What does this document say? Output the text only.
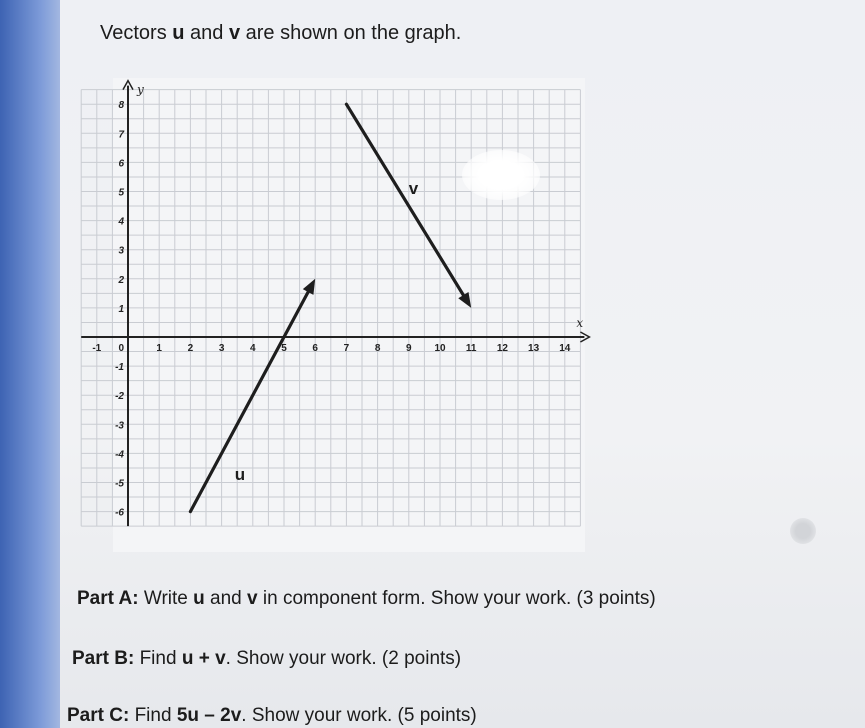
Vectors u and v are shown on the graph.

x
y
-1	1	2	3	4	5	6	7	8	9 10 11 12 13 14
8
7
6
5
4
3
2
1
-1
-2
-3
-4
-5
-6
0
u
v

Part A: Write u and v in component form. Show your work. (3 points)

Part B: Find u + v. Show your work. (2 points)

Part C: Find 5u – 2v. Show your work. (5 points)
